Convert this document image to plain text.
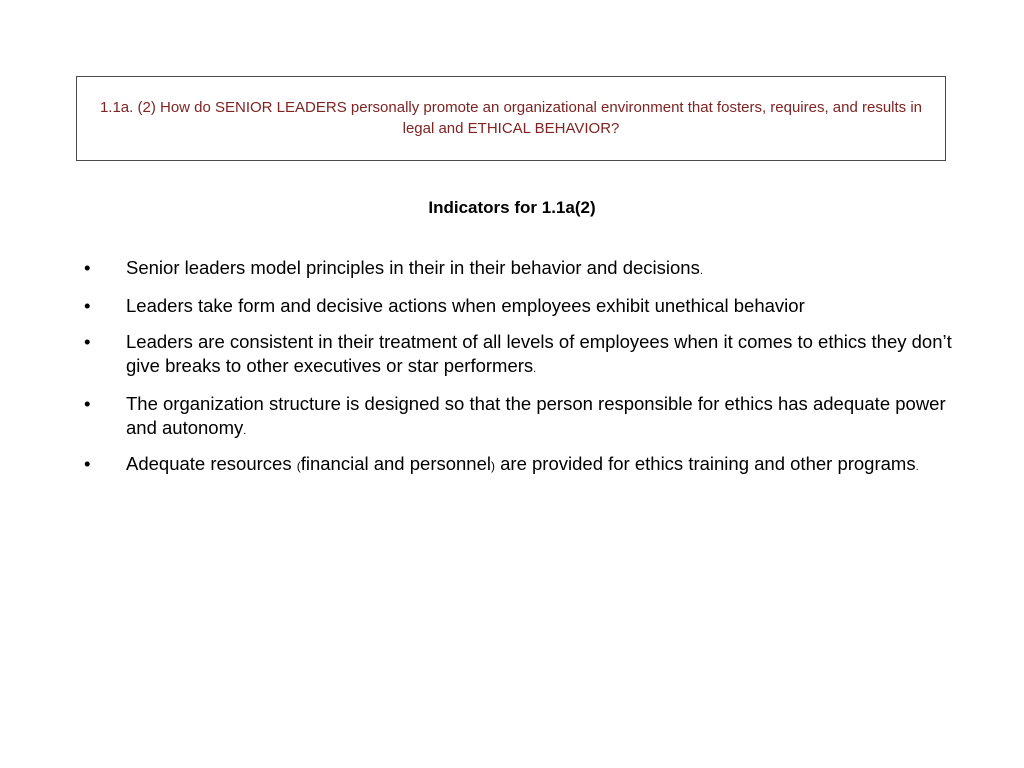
1.1a. (2) How do SENIOR LEADERS personally promote an organizational environment that fosters, requires, and results in legal and ETHICAL BEHAVIOR?
Indicators for 1.1a(2)
•	Senior leaders model principles in their in their behavior and decisions.
•	Leaders take form and decisive actions when employees exhibit unethical behavior
•	Leaders are consistent in their treatment of all levels of employees when it comes to ethics they don’t give breaks to other executives or star performers.
•	The organization structure is designed so that the person responsible for ethics has adequate power and autonomy.
•	Adequate resources (financial and personnel) are provided for ethics training and other programs.
